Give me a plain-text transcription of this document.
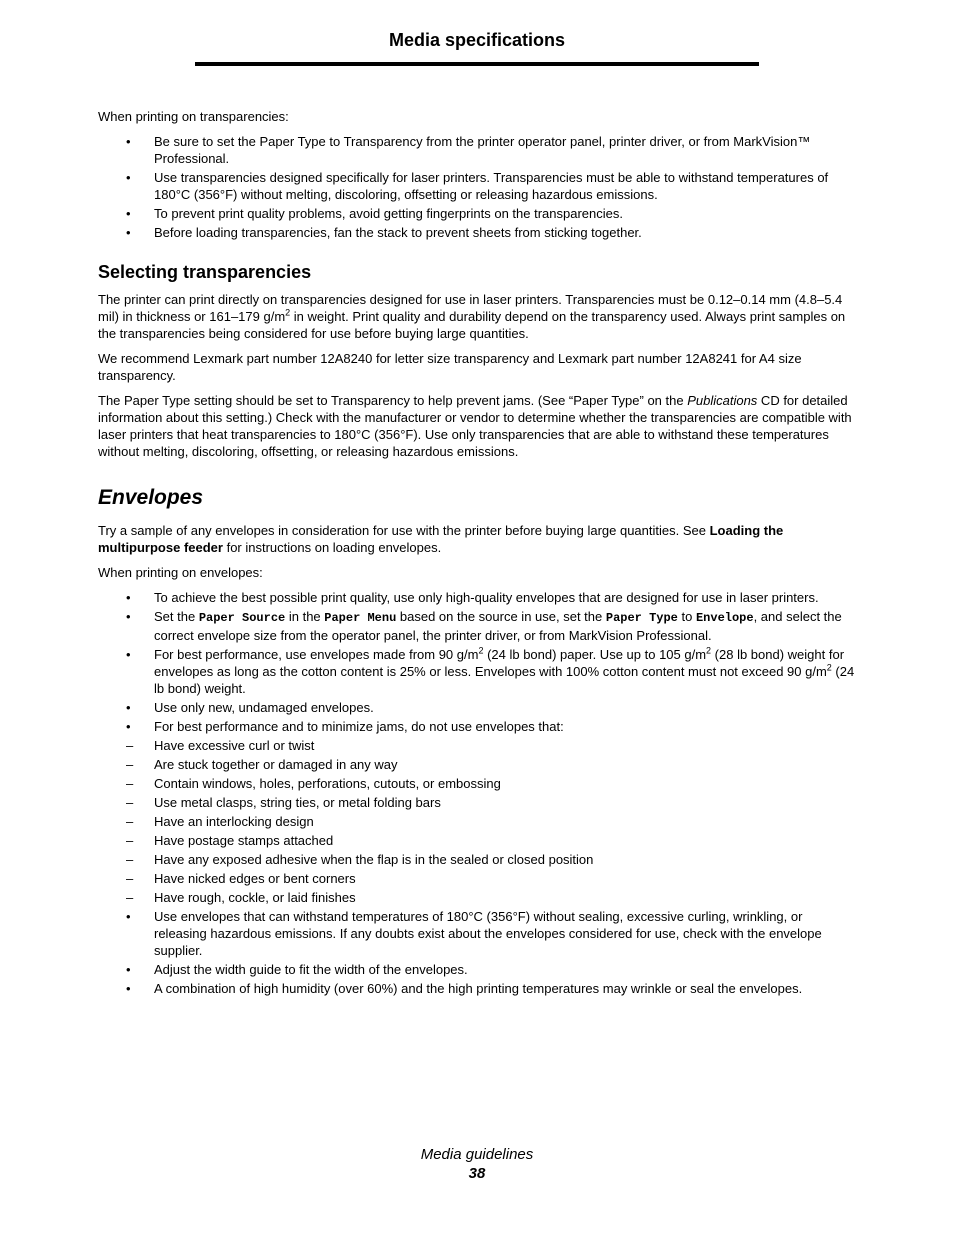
Media specifications

When printing on transparencies:

• Be sure to set the Paper Type to Transparency from the printer operator panel, printer driver, or from MarkVision™ Professional.
• Use transparencies designed specifically for laser printers. Transparencies must be able to withstand temperatures of 180°C (356°F) without melting, discoloring, offsetting or releasing hazardous emissions.
• To prevent print quality problems, avoid getting fingerprints on the transparencies.
• Before loading transparencies, fan the stack to prevent sheets from sticking together.
Selecting transparencies

The printer can print directly on transparencies designed for use in laser printers. Transparencies must be 0.12–0.14 mm (4.8–5.4 mil) in thickness or 161–179 $g/m^2$ in weight. Print quality and durability depend on the transparency used. Always print samples on the transparencies being considered for use before buying large quantities.

We recommend Lexmark part number 12A8240 for letter size transparency and Lexmark part number 12A8241 for A4 size transparency.

The Paper Type setting should be set to Transparency to help prevent jams. (See “Paper Type” on the Publications CD for detailed information about this setting.) Check with the manufacturer or vendor to determine whether the transparencies are compatible with laser printers that heat transparencies to 180°C (356°F). Use only transparencies that are able to withstand these temperatures without melting, discoloring, offsetting, or releasing hazardous emissions.

Envelopes

Try a sample of any envelopes in consideration for use with the printer before buying large quantities. See Loading the multipurpose feeder for instructions on loading envelopes.

When printing on envelopes:

• To achieve the best possible print quality, use only high-quality envelopes that are designed for use in laser printers.
• Set the Paper Source in the Paper Menu based on the source in use, set the Paper Type to Envelope, and select the correct envelope size from the operator panel, the printer driver, or from MarkVision Professional.
• For best performance, use envelopes made from 90 $g/m^2$ (24 lb bond) paper. Use up to 105 $g/m^2$ (28 lb bond) weight for envelopes as long as the cotton content is 25% or less. Envelopes with 100% cotton content must not exceed 90 $g/m^2$ (24 lb bond) weight.
• Use only new, undamaged envelopes.
• For best performance and to minimize jams, do not use envelopes that:
– Have excessive curl or twist
– Are stuck together or damaged in any way
– Contain windows, holes, perforations, cutouts, or embossing
– Use metal clasps, string ties, or metal folding bars
– Have an interlocking design
– Have postage stamps attached
– Have any exposed adhesive when the flap is in the sealed or closed position
– Have nicked edges or bent corners
– Have rough, cockle, or laid finishes
• Use envelopes that can withstand temperatures of 180°C (356°F) without sealing, excessive curling, wrinkling, or releasing hazardous emissions. If any doubts exist about the envelopes considered for use, check with the envelope supplier.
• Adjust the width guide to fit the width of the envelopes.
• A combination of high humidity (over 60%) and the high printing temperatures may wrinkle or seal the envelopes.
Media guidelines
38
